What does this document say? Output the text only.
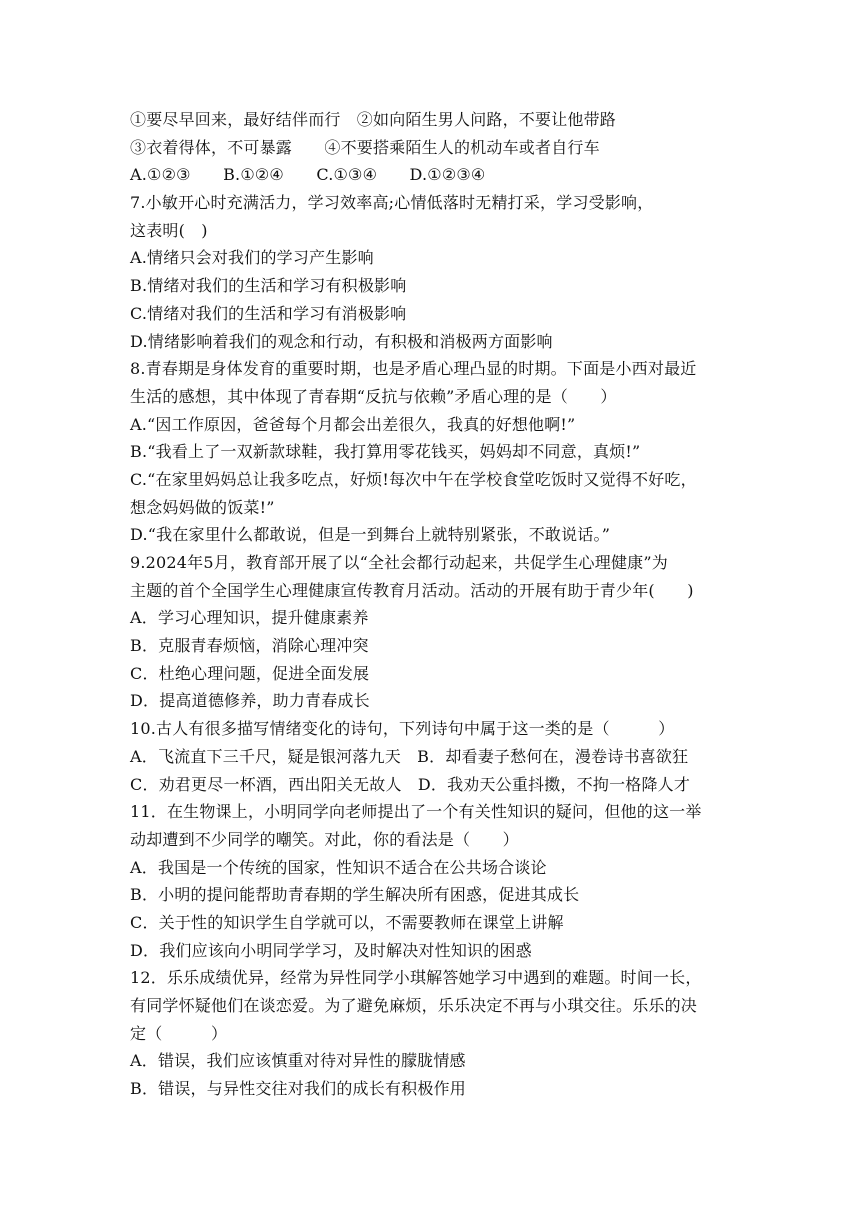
①要尽早回来，最好结伴而行　②如向陌生男人问路，不要让他带路
③衣着得体，不可暴露　　④不要搭乘陌生人的机动车或者自行车
A.①②③　　B.①②④　　C.①③④　　D.①②③④
7.小敏开心时充满活力，学习效率高;心情低落时无精打采，学习受影响，
这表明(　)
A.情绪只会对我们的学习产生影响
B.情绪对我们的生活和学习有积极影响
C.情绪对我们的生活和学习有消极影响
D.情绪影响着我们的观念和行动，有积极和消极两方面影响
8.青春期是身体发育的重要时期，也是矛盾心理凸显的时期。下面是小西对最近
生活的感想，其中体现了青春期“反抗与依赖”矛盾心理的是（　　）
A.“因工作原因，爸爸每个月都会出差很久，我真的好想他啊!”
B.“我看上了一双新款球鞋，我打算用零花钱买，妈妈却不同意，真烦!”
C.“在家里妈妈总让我多吃点，好烦!每次中午在学校食堂吃饭时又觉得不好吃，
想念妈妈做的饭菜!”
D.“我在家里什么都敢说，但是一到舞台上就特别紧张，不敢说话。”
9.2024年5月，教育部开展了以“全社会都行动起来，共促学生心理健康”为
主题的首个全国学生心理健康宣传教育月活动。活动的开展有助于青少年(　　)
A．学习心理知识，提升健康素养
B．克服青春烦恼，消除心理冲突
C．杜绝心理问题，促进全面发展
D．提高道德修养，助力青春成长
10.古人有很多描写情绪变化的诗句，下列诗句中属于这一类的是（　　　）
A．飞流直下三千尺，疑是银河落九天　B．却看妻子愁何在，漫卷诗书喜欲狂
C．劝君更尽一杯酒，西出阳关无故人　D．我劝天公重抖擞，不拘一格降人才
11．在生物课上，小明同学向老师提出了一个有关性知识的疑问，但他的这一举
动却遭到不少同学的嘲笑。对此，你的看法是（　　）
A．我国是一个传统的国家，性知识不适合在公共场合谈论
B．小明的提问能帮助青春期的学生解决所有困惑，促进其成长
C．关于性的知识学生自学就可以，不需要教师在课堂上讲解
D．我们应该向小明同学学习，及时解决对性知识的困惑
12．乐乐成绩优异，经常为异性同学小琪解答她学习中遇到的难题。时间一长，
有同学怀疑他们在谈恋爱。为了避免麻烦，乐乐决定不再与小琪交往。乐乐的决
定（　　　）
A．错误，我们应该慎重对待对异性的朦胧情感
B．错误，与异性交往对我们的成长有积极作用
